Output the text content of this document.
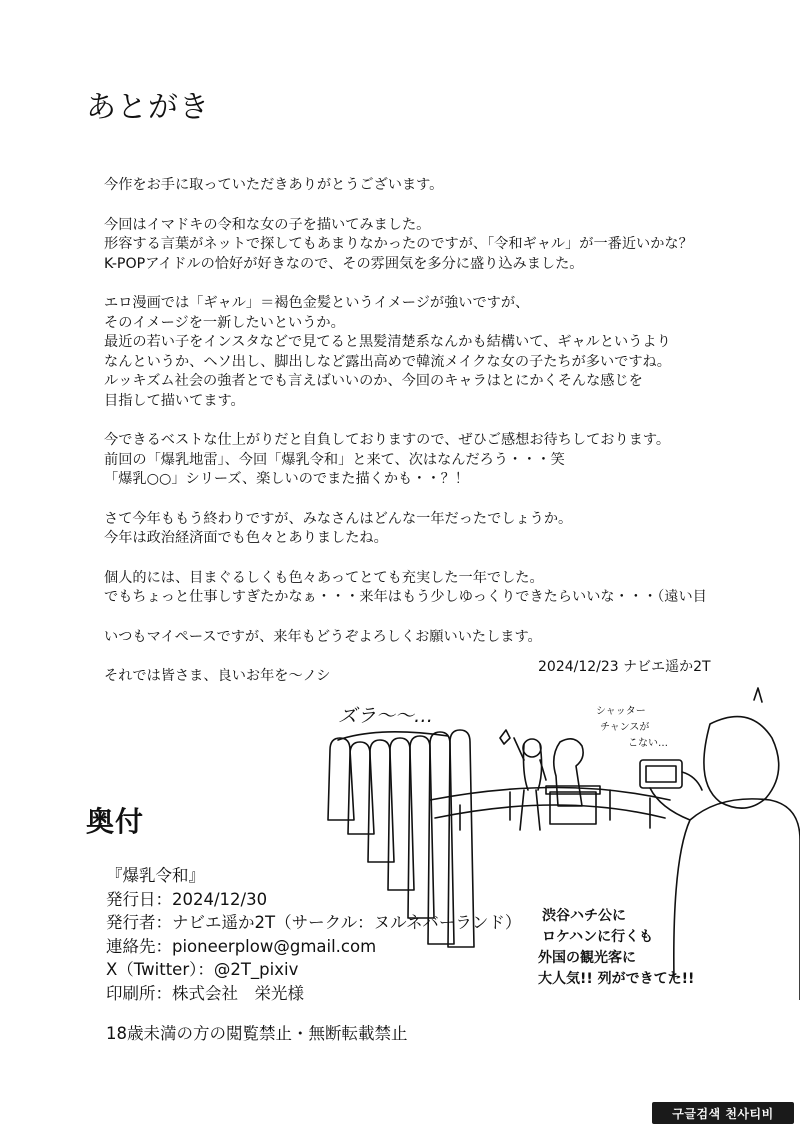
あとがき

今作をお手に取っていただきありがとうございます。

今回はイマドキの令和な女の子を描いてみました。
形容する言葉がネットで探してもあまりなかったのですが、「令和ギャル」が一番近いかな？
K-POPアイドルの恰好が好きなので、その雰囲気を多分に盛り込みました。

エロ漫画では「ギャル」＝褐色金髪というイメージが強いですが、
そのイメージを一新したいというか。
最近の若い子をインスタなどで見てると黒髪清楚系なんかも結構いて、ギャルというより
なんというか、ヘソ出し、脚出しなど露出高めで韓流メイクな女の子たちが多いですね。
ルッキズム社会の強者とでも言えばいいのか、今回のキャラはとにかくそんな感じを
目指して描いてます。

今できるベストな仕上がりだと自負しておりますので、ぜひご感想お待ちしております。
前回の「爆乳地雷」、今回「爆乳令和」と来て、次はなんだろう・・・笑
「爆乳○○」シリーズ、楽しいのでまた描くかも・・？！

さて今年ももう終わりですが、みなさんはどんな一年だったでしょうか。
今年は政治経済面でも色々とありましたね。

個人的には、目まぐるしくも色々あってとても充実した一年でした。
でもちょっと仕事しすぎたかなぁ・・・来年はもう少しゆっくりできたらいいな・・・（遠い目

いつもマイペースですが、来年もどうぞよろしくお願いいたします。

それでは皆さま、良いお年を〜ノシ

2024/12/23 ナビエ遥か2T
ズラ〜〜…	シャッター
チャンスが
こない…
渋谷ハチ公に
ロケハンに行くも
外国の観光客に
大人気!! 列ができてた!!
奥付
『爆乳令和』
発行日：2024/12/30
発行者：ナビエ遥か2T（サークル：ヌルネバーランド）
連絡先：pioneerplow@gmail.com
X（Twitter）：@2T_pixiv
印刷所：株式会社　栄光様
18歳未満の方の閲覧禁止・無断転載禁止
구글검색 천사티비
